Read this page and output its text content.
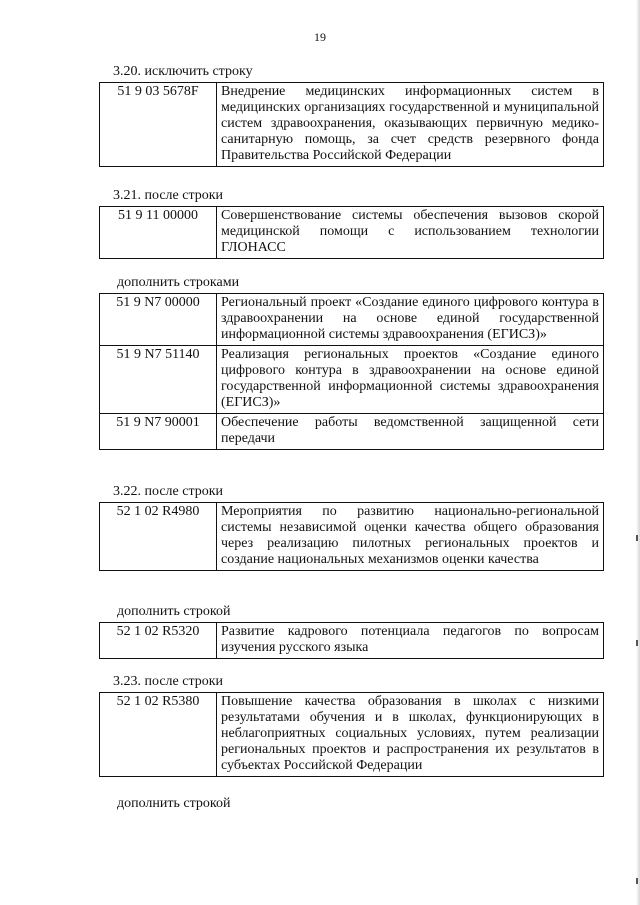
19
3.20. исключить строку
51 9 03 5678F	Внедрение медицинских информационных систем в медицинских организациях государственной и муниципальной систем здравоохранения, оказывающих первичную медико-санитарную помощь, за счет средств резервного фонда Правительства Российской Федерации
3.21. после строки
51 9 11 00000	Совершенствование системы обеспечения вызовов скорой медицинской помощи с использованием технологии ГЛОНАСС
дополнить строками
51 9 N7 00000	Региональный проект «Создание единого цифрового контура в здравоохранении на основе единой государственной информационной системы здравоохранения (ЕГИСЗ)»
51 9 N7 51140	Реализация региональных проектов «Создание единого цифрового контура в здравоохранении на основе единой государственной информационной системы здравоохранения (ЕГИСЗ)»
51 9 N7 90001	Обеспечение работы ведомственной защищенной сети передачи
3.22. после строки
52 1 02 R4980	Мероприятия по развитию национально-региональной системы независимой оценки качества общего образования через реализацию пилотных региональных проектов и создание национальных механизмов оценки качества
дополнить строкой
52 1 02 R5320	Развитие кадрового потенциала педагогов по вопросам изучения русского языка
3.23. после строки
52 1 02 R5380	Повышение качества образования в школах с низкими результатами обучения и в школах, функционирующих в неблагоприятных социальных условиях, путем реализации региональных проектов и распространения их результатов в субъектах Российской Федерации
дополнить строкой
